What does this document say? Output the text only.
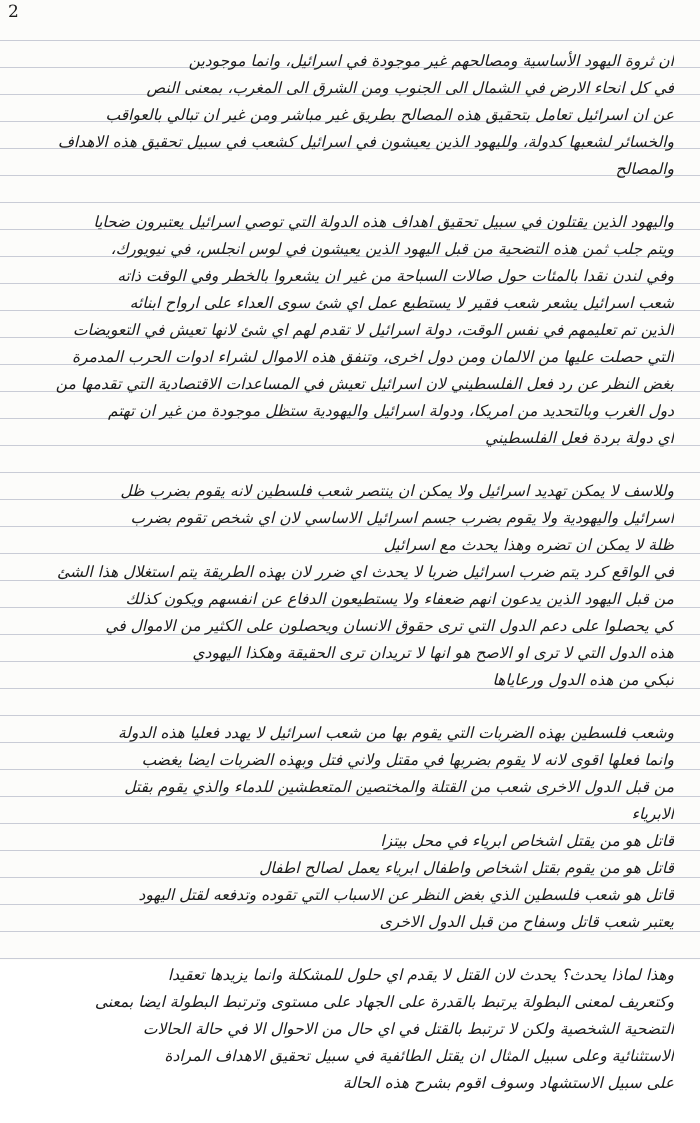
2
ان ثروة اليهود الأساسية ومصالحهم غير موجودة في اسرائيل، وانما موجودين
في كل انحاء الارض في الشمال الى الجنوب ومن الشرق الى المغرب، بمعنى النص
عن ان اسرائيل تعامل بتحقيق هذه المصالح بطريق غير مباشر ومن غير ان تبالي بالعواقب
والخسائر لشعبها كدولة، ولليهود الذين يعيشون في اسرائيل كشعب في سبيل تحقيق هذه الاهداف
والمصالح
واليهود الذين يقتلون في سبيل تحقيق اهداف هذه الدولة التي توصي اسرائيل يعتبرون ضحايا
ويتم جلب ثمن هذه التضحية من قبل اليهود الذين يعيشون في لوس انجلس، في نيويورك،
وفي لندن نقدا بالمئات حول صالات السباحة من غير ان يشعروا بالخطر وفي الوقت ذاته
شعب اسرائيل يشعر شعب فقير لا يستطيع عمل اي شئ سوى العداء على ارواح ابنائه
الذين تم تعليمهم في نفس الوقت، دولة اسرائيل لا تقدم لهم اي شئ لانها تعيش في التعويضات
التي حصلت عليها من الالمان ومن دول اخرى، وتنفق هذه الاموال لشراء ادوات الحرب المدمرة
بغض النظر عن رد فعل الفلسطيني لان اسرائيل تعيش في المساعدات الاقتصادية التي تقدمها من
دول الغرب وبالتحديد من امريكا، ودولة اسرائيل واليهودية ستظل موجودة من غير ان تهتم
اي دولة بردة فعل الفلسطيني
وللاسف لا يمكن تهديد اسرائيل ولا يمكن ان ينتصر شعب فلسطين لانه يقوم بضرب ظل
اسرائيل واليهودية ولا يقوم بضرب جسم اسرائيل الاساسي لان اي شخص تقوم بضرب
ظلة لا يمكن ان تضره وهذا يحدث مع اسرائيل
في الواقع كرد يتم ضرب اسرائيل ضربا لا يحدث اي ضرر لان بهذه الطريقة يتم استغلال هذا الشئ
من قبل اليهود الذين يدعون انهم ضعفاء ولا يستطيعون الدفاع عن انفسهم ويكون كذلك
كي يحصلوا على دعم الدول التي ترى حقوق الانسان ويحصلون على الكثير من الاموال في
هذه الدول التي لا ترى او الاصح هو انها لا تريدان ترى الحقيقة وهكذا اليهودي
تبكي من هذه الدول ورعاياها
وشعب فلسطين بهذه الضربات التي يقوم بها من شعب اسرائيل لا يهدد فعليا هذه الدولة
وانما فعلها اقوى لانه لا يقوم بضربها في مقتل ولاني فتل وبهذه الضربات ايضا يغضب
من قبل الدول الاخرى شعب من القتلة والمختصين المتعطشين للدماء والذي يقوم بقتل
الابرياء
قاتل هو من يقتل اشخاص ابرياء في محل بيتزا
قاتل هو من يقوم بقتل اشخاص واطفال ابرياء يعمل لصالح اطفال
قاتل هو شعب فلسطين الذي بغض النظر عن الاسباب التي تقوده وتدفعه لقتل اليهود
يعتبر شعب قاتل وسفاح من قبل الدول الاخرى
وهذا لماذا يحدث؟ يحدث لان القتل لا يقدم اي حلول للمشكلة وانما يزيدها تعقيدا
وكتعريف لمعنى البطولة يرتبط بالقدرة على الجهاد على مستوى وترتبط البطولة ايضا بمعنى
التضحية الشخصية ولكن لا ترتبط بالقتل في اي حال من الاحوال الا في حالة الحالات
الاستثنائية وعلى سبيل المثال ان يقتل الطائفية في سبيل تحقيق الاهداف المرادة
على سبيل الاستشهاد وسوف اقوم بشرح هذه الحالة
